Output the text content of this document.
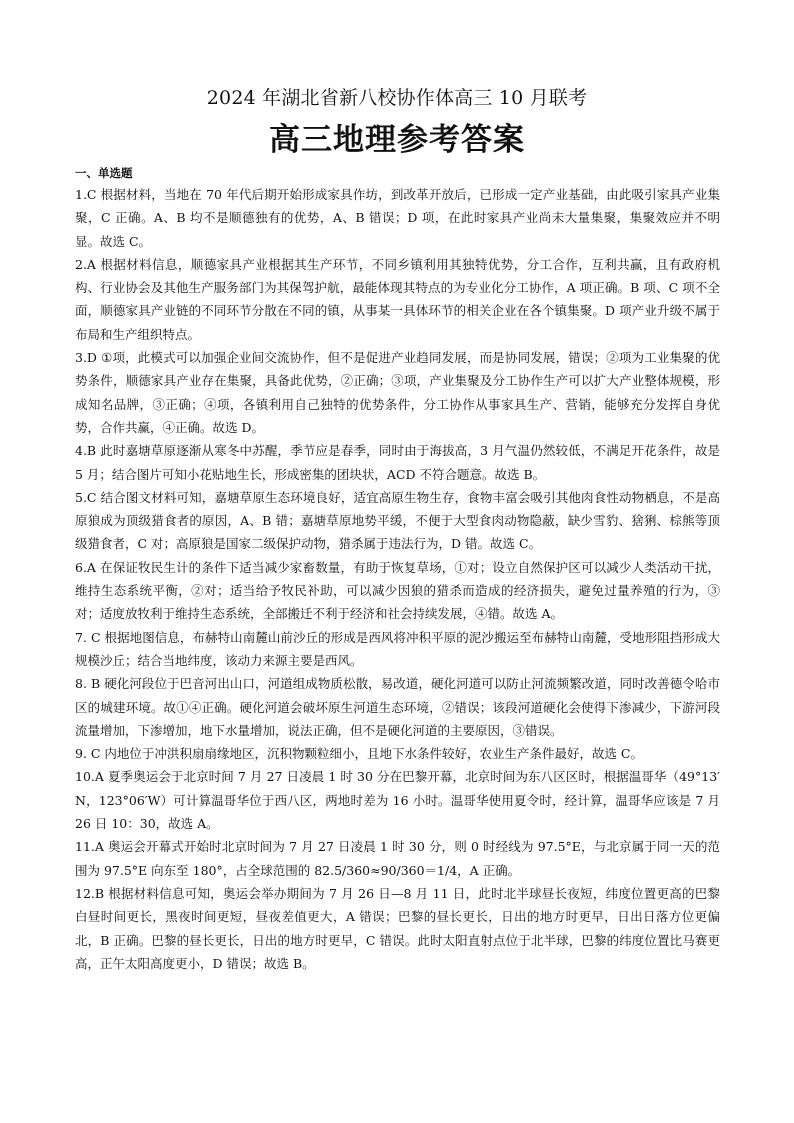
2024 年湖北省新八校协作体高三 10 月联考
高三地理参考答案
一、单选题

1.C 根据材料，当地在 70 年代后期开始形成家具作坊，到改革开放后，已形成一定产业基础，由此吸引家具产业集聚，C 正确。A、B 均不是顺德独有的优势，A、B 错误；D 项，在此时家具产业尚未大量集聚，集聚效应并不明显。故选 C。

2.A 根据材料信息，顺德家具产业根据其生产环节，不同乡镇利用其独特优势，分工合作，互利共赢，且有政府机构、行业协会及其他生产服务部门为其保驾护航，最能体现其特点的为专业化分工协作，A 项正确。B 项、C 项不全面，顺德家具产业链的不同环节分散在不同的镇，从事某一具体环节的相关企业在各个镇集聚。D 项产业升级不属于布局和生产组织特点。

3.D ①项，此模式可以加强企业间交流协作，但不是促进产业趋同发展，而是协同发展，错误；②项为工业集聚的优势条件，顺德家具产业存在集聚，具备此优势，②正确；③项，产业集聚及分工协作生产可以扩大产业整体规模，形成知名品牌，③正确；④项，各镇利用自己独特的优势条件，分工协作从事家具生产、营销，能够充分发挥自身优势，合作共赢，④正确。故选 D。

4.B 此时嘉塘草原逐渐从寒冬中苏醒，季节应是春季，同时由于海拔高，3 月气温仍然较低，不满足开花条件，故是 5 月；结合图片可知小花贴地生长，形成密集的团块状，ACD 不符合题意。故选 B。

5.C 结合图文材料可知，嘉塘草原生态环境良好，适宜高原生物生存，食物丰富会吸引其他肉食性动物栖息，不是高原狼成为顶级猎食者的原因，A、B 错；嘉塘草原地势平缓，不便于大型食肉动物隐蔽，缺少雪豹、猞猁、棕熊等顶级猎食者，C 对；高原狼是国家二级保护动物，猎杀属于违法行为，D 错。故选 C。

6.A 在保证牧民生计的条件下适当减少家畜数量，有助于恢复草场，①对；设立自然保护区可以减少人类活动干扰，维持生态系统平衡，②对；适当给予牧民补助，可以减少因狼的猎杀而造成的经济损失，避免过量养殖的行为，③对；适度放牧利于维持生态系统，全部搬迁不利于经济和社会持续发展，④错。故选 A。

7. C 根据地图信息，布赫特山南麓山前沙丘的形成是西风将冲积平原的泥沙搬运至布赫特山南麓，受地形阻挡形成大规模沙丘；结合当地纬度，该动力来源主要是西风。

8. B 硬化河段位于巴音河出山口，河道组成物质松散，易改道，硬化河道可以防止河流频繁改道，同时改善德令哈市区的城建环境。故①④正确。硬化河道会破坏原生河道生态环境，②错误；该段河道硬化会使得下渗减少，下游河段流量增加，下渗增加，地下水量增加，说法正确，但不是硬化河道的主要原因，③错误。

9. C 内地位于冲洪积扇扇缘地区，沉积物颗粒细小，且地下水条件较好，农业生产条件最好，故选 C。

10.A 夏季奥运会于北京时间 7 月 27 日凌晨 1 时 30 分在巴黎开幕，北京时间为东八区区时，根据温哥华（49°13′N，123°06′W）可计算温哥华位于西八区，两地时差为 16 小时。温哥华使用夏令时，经计算，温哥华应该是 7 月 26 日 10：30，故选 A。

11.A 奥运会开幕式开始时北京时间为 7 月 27 日凌晨 1 时 30 分，则 0 时经线为 97.5°E，与北京属于同一天的范围为 97.5°E 向东至 180°，占全球范围的 82.5/360≈90/360＝1/4，A 正确。

12.B 根据材料信息可知，奥运会举办期间为 7 月 26 日—8 月 11 日，此时北半球昼长夜短，纬度位置更高的巴黎白昼时间更长，黑夜时间更短，昼夜差值更大，A 错误；巴黎的昼长更长，日出的地方时更早，日出日落方位更偏北，B 正确。巴黎的昼长更长，日出的地方时更早，C 错误。此时太阳直射点位于北半球，巴黎的纬度位置比马赛更高，正午太阳高度更小，D 错误；故选 B。
